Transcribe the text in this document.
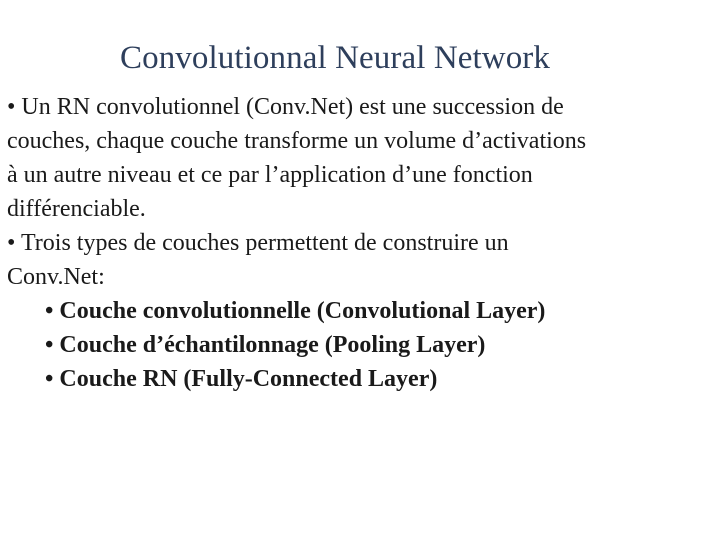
Convolutionnal Neural Network
• Un RN convolutionnel (Conv.Net) est une succession de
couches, chaque couche transforme un volume d’activations
à un autre niveau et ce par l’application d’une fonction
différenciable.
• Trois types de couches permettent de construire un
Conv.Net:
• Couche convolutionnelle (Convolutional Layer)
• Couche d’échantilonnage (Pooling Layer)
• Couche RN (Fully-Connected Layer)
